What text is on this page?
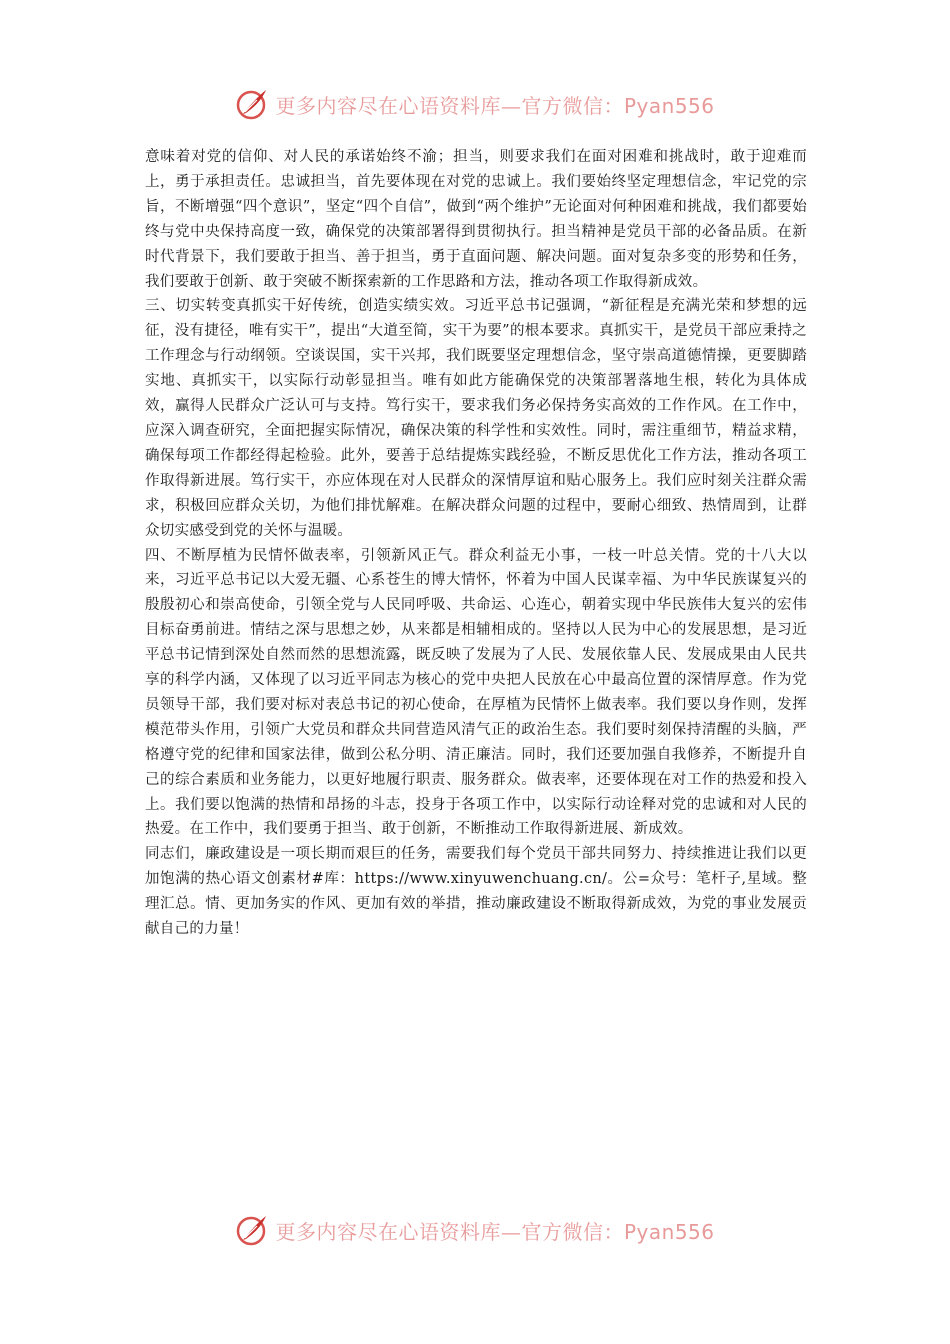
更多内容尽在心语资料库—官方微信：Pyan556

意味着对党的信仰、对人民的承诺始终不渝；担当，则要求我们在面对困难和挑战时，敢于迎难而上，勇于承担责任。忠诚担当，首先要体现在对党的忠诚上。我们要始终坚定理想信念，牢记党的宗旨，不断增强“四个意识”，坚定“四个自信”，做到“两个维护”无论面对何种困难和挑战，我们都要始终与党中央保持高度一致，确保党的决策部署得到贯彻执行。担当精神是党员干部的必备品质。在新时代背景下，我们要敢于担当、善于担当，勇于直面问题、解决问题。面对复杂多变的形势和任务，我们要敢于创新、敢于突破不断探索新的工作思路和方法，推动各项工作取得新成效。

三、切实转变真抓实干好传统，创造实绩实效。习近平总书记强调，“新征程是充满光荣和梦想的远征，没有捷径，唯有实干”，提出“大道至简，实干为要”的根本要求。真抓实干，是党员干部应秉持之工作理念与行动纲领。空谈误国，实干兴邦，我们既要坚定理想信念，坚守崇高道德情操，更要脚踏实地、真抓实干，以实际行动彰显担当。唯有如此方能确保党的决策部署落地生根，转化为具体成效，赢得人民群众广泛认可与支持。笃行实干，要求我们务必保持务实高效的工作作风。在工作中，应深入调查研究，全面把握实际情况，确保决策的科学性和实效性。同时，需注重细节，精益求精，确保每项工作都经得起检验。此外，要善于总结提炼实践经验，不断反思优化工作方法，推动各项工作取得新进展。笃行实干，亦应体现在对人民群众的深情厚谊和贴心服务上。我们应时刻关注群众需求，积极回应群众关切，为他们排忧解难。在解决群众问题的过程中，要耐心细致、热情周到，让群众切实感受到党的关怀与温暖。

四、不断厚植为民情怀做表率，引领新风正气。群众利益无小事，一枝一叶总关情。党的十八大以来，习近平总书记以大爱无疆、心系苍生的博大情怀，怀着为中国人民谋幸福、为中华民族谋复兴的殷殷初心和崇高使命，引领全党与人民同呼吸、共命运、心连心，朝着实现中华民族伟大复兴的宏伟目标奋勇前进。情结之深与思想之妙，从来都是相辅相成的。坚持以人民为中心的发展思想，是习近平总书记情到深处自然而然的思想流露，既反映了发展为了人民、发展依靠人民、发展成果由人民共享的科学内涵，又体现了以习近平同志为核心的党中央把人民放在心中最高位置的深情厚意。作为党员领导干部，我们要对标对表总书记的初心使命，在厚植为民情怀上做表率。我们要以身作则，发挥模范带头作用，引领广大党员和群众共同营造风清气正的政治生态。我们要时刻保持清醒的头脑，严格遵守党的纪律和国家法律，做到公私分明、清正廉洁。同时，我们还要加强自我修养，不断提升自己的综合素质和业务能力，以更好地履行职责、服务群众。做表率，还要体现在对工作的热爱和投入上。我们要以饱满的热情和昂扬的斗志，投身于各项工作中，以实际行动诠释对党的忠诚和对人民的热爱。在工作中，我们要勇于担当、敢于创新，不断推动工作取得新进展、新成效。

同志们，廉政建设是一项长期而艰巨的任务，需要我们每个党员干部共同努力、持续推进让我们以更加饱满的热心语文创素材#库：https://www.xinyuwenchuang.cn/。公=众号：笔杆子,星域。整理汇总。情、更加务实的作风、更加有效的举措，推动廉政建设不断取得新成效，为党的事业发展贡献自己的力量！

更多内容尽在心语资料库—官方微信：Pyan556
